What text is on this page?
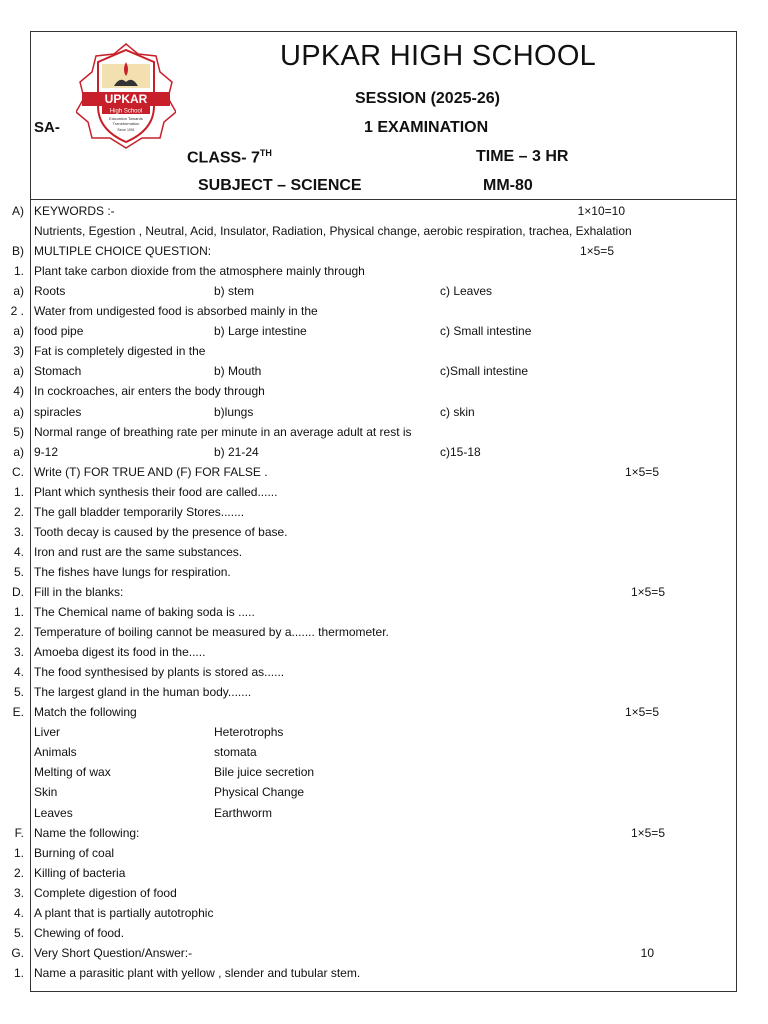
UPKAR
High School
Education Towards
Transformation
Since 1991
UPKAR HIGH SCHOOL
SESSION (2025-26)
SA-	1 EXAMINATION
CLASS- 7TH	TIME – 3 HR
SUBJECT – SCIENCE	MM-80
A) KEYWORDS :-	1×10=10
Nutrients, Egestion , Neutral, Acid, Insulator, Radiation, Physical change, aerobic respiration, trachea, Exhalation
B) MULTIPLE CHOICE QUESTION:	1×5=5
1. Plant take carbon dioxide from the atmosphere mainly through
a) Roots	b) stem	c) Leaves
2 . Water from undigested food is absorbed mainly in the
a) food pipe	b) Large intestine	c) Small intestine
3) Fat is completely digested in the
a) Stomach	b) Mouth	c)Small intestine
4) In cockroaches, air enters the body through
a) spiracles	b)lungs	c) skin
5) Normal range of breathing rate per minute in an average adult at rest is
a) 9-12	b) 21-24	c)15-18
C. Write (T) FOR TRUE AND (F) FOR FALSE .	1×5=5
1. Plant which synthesis their food are called......
2. The gall bladder temporarily Stores.......
3. Tooth decay is caused by the presence of base.
4. Iron and rust are the same substances.
5. The fishes have lungs for respiration.
D. Fill in the blanks:	1×5=5
1. The Chemical name of baking soda is .....
2. Temperature of boiling cannot be measured by a....... thermometer.
3. Amoeba digest its food in the.....
4. The food synthesised by plants is stored as......
5. The largest gland in the human body.......
E. Match the following	1×5=5
Liver	Heterotrophs
Animals	stomata
Melting of wax	Bile juice secretion
Skin	Physical Change
Leaves	Earthworm
F. Name the following:	1×5=5
1. Burning of coal
2. Killing of bacteria
3. Complete digestion of food
4. A plant that is partially autotrophic
5. Chewing of food.
G. Very Short Question/Answer:-	10
1. Name a parasitic plant with yellow , slender and tubular stem.
